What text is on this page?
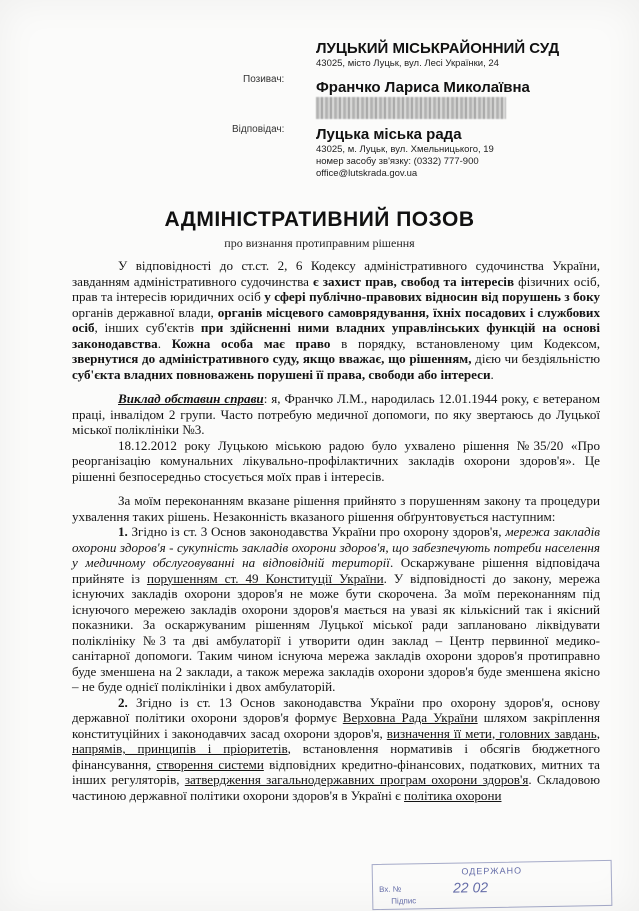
ЛУЦЬКИЙ МІСЬКРАЙОННИЙ СУД
43025, місто Луцьк, вул. Лесі Українки, 24
Позивач: Франчко Лариса Миколаївна
Відповідач: Луцька міська рада
43025, м. Луцьк, вул. Хмельницького, 19
номер засобу зв'язку: (0332) 777-900
office@lutskrada.gov.ua
АДМІНІСТРАТИВНИЙ ПОЗОВ
про визнання протиправним рішення

У відповідності до ст.ст. 2, 6 Кодексу адміністративного судочинства України, завданням адміністративного судочинства є захист прав, свобод та інтересів фізичних осіб, прав та інтересів юридичних осіб у сфері публічно-правових відносин від порушень з боку органів державної влади, органів місцевого самоврядування, їхніх посадових і службових осіб, інших суб'єктів при здійсненні ними владних управлінських функцій на основі законодавства. Кожна особа має право в порядку, встановленому цим Кодексом, звернутися до адміністративного суду, якщо вважає, що рішенням, дією чи бездіяльністю суб'єкта владних повноважень порушені її права, свободи або інтереси.

Виклад обставин справи: я, Франчко Л.М., народилась 12.01.1944 року, є ветераном праці, інвалідом 2 групи. Часто потребую медичної допомоги, по яку звертаюсь до Луцької міської поліклініки №3.

18.12.2012 року Луцькою міською радою було ухвалено рішення №35/20 «Про реорганізацію комунальних лікувально-профілактичних закладів охорони здоров'я». Це рішенні безпосередньо стосується моїх прав і інтересів.

За моїм переконанням вказане рішення прийнято з порушенням закону та процедури ухвалення таких рішень. Незаконність вказаного рішення обґрунтовується наступним:

1. Згідно із ст. 3 Основ законодавства України про охорону здоров'я, мережа закладів охорони здоров'я - сукупність закладів охорони здоров'я, що забезпечують потреби населення у медичному обслуговуванні на відповідній території. Оскаржуване рішення відповідача прийняте із порушенням ст. 49 Конституції України. У відповідності до закону, мережа існуючих закладів охорони здоров'я не може бути скорочена. За моїм переконанням під існуючого мережею закладів охорони здоров'я мається на увазі як кількісний так і якісний показники. За оскаржуваним рішенням Луцької міської ради заплановано ліквідувати поліклініку №3 та дві амбулаторії і утворити один заклад – Центр первинної медико-санітарної допомоги. Таким чином існуюча мережа закладів охорони здоров'я протиправно буде зменшена на 2 заклади, а також мережа закладів охорони здоров'я буде зменшена якісно – не буде однієї поліклініки і двох амбулаторій.

2. Згідно із ст. 13 Основ законодавства України про охорону здоров'я, основу державної політики охорони здоров'я формує Верховна Рада України шляхом закріплення конституційних і законодавчих засад охорони здоров'я, визначення її мети, головних завдань, напрямів, принципів і пріоритетів, встановлення нормативів і обсягів бюджетного фінансування, створення системи відповідних кредитно-фінансових, податкових, митних та інших регуляторів, затвердження загальнодержавних програм охорони здоров'я. Складовою частиною державної політики охорони здоров'я в Україні є політика охорони

ОДЕРЖАНО
Вх. №	22 02
Підпис
